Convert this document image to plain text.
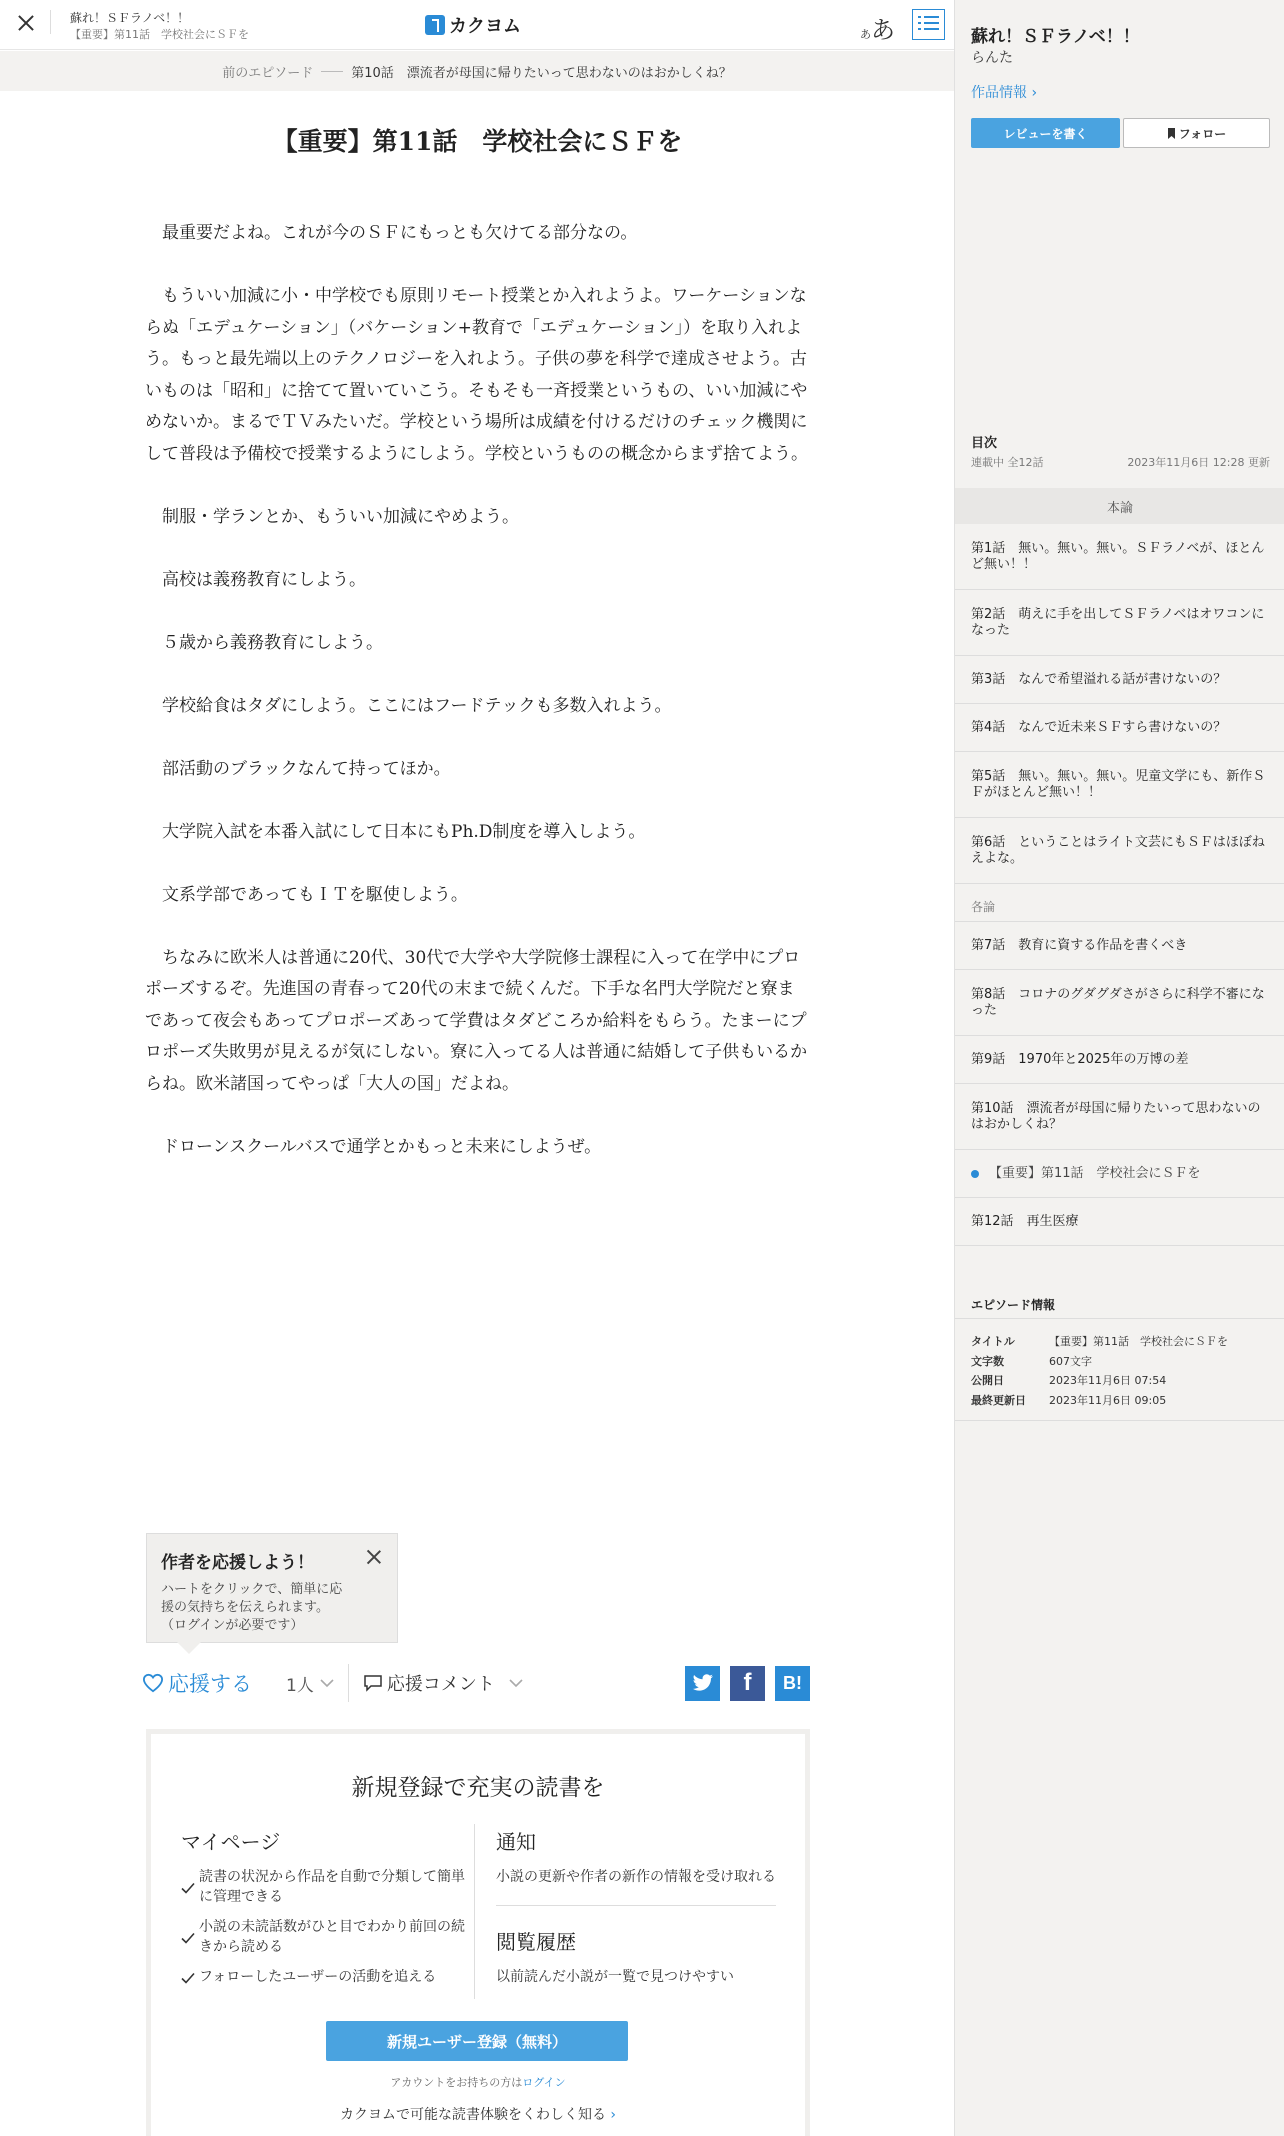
蘇れ！ＳＦラノベ！！
【重要】第11話　学校社会にＳＦを	カクヨム	ああ
前のエピソード	第10話　漂流者が母国に帰りたいって思わないのはおかしくね？
【重要】第11話　学校社会にＳＦを

最重要だよね。これが今のＳＦにもっとも欠けてる部分なの。

もういい加減に小・中学校でも原則リモート授業とか入れようよ。ワーケーションならぬ「エデュケーション」（バケーション+教育で「エデュケーション」）を取り入れよう。もっと最先端以上のテクノロジーを入れよう。子供の夢を科学で達成させよう。古いものは「昭和」に捨てて置いていこう。そもそも一斉授業というもの、いい加減にやめないか。まるでＴＶみたいだ。学校という場所は成績を付けるだけのチェック機関にして普段は予備校で授業するようにしよう。学校というものの概念からまず捨てよう。

制服・学ランとか、もういい加減にやめよう。

高校は義務教育にしよう。

５歳から義務教育にしよう。

学校給食はタダにしよう。ここにはフードテックも多数入れよう。

部活動のブラックなんて持ってほか。

大学院入試を本番入試にして日本にもPh.D制度を導入しよう。

文系学部であってもＩＴを駆使しよう。

ちなみに欧米人は普通に20代、30代で大学や大学院修士課程に入って在学中にプロポーズするぞ。先進国の青春って20代の末まで続くんだ。下手な名門大学院だと寮まであって夜会もあってプロポーズあって学費はタダどころか給料をもらう。たまーにプロポーズ失敗男が見えるが気にしない。寮に入ってる人は普通に結婚して子供もいるからね。欧米諸国ってやっぱ「大人の国」だよね。

ドローンスクールバスで通学とかもっと未来にしようぜ。

作者を応援しよう！
ハートをクリックで、簡単に応
援の気持ちを伝えられます。
（ログインが必要です）
応援する 1人	応援コメント	f B!
新規登録で充実の読書を
マイページ
読書の状況から作品を自動で分類して簡単に管理できる
小説の未読話数がひと目でわかり前回の続きから読める
フォローしたユーザーの活動を追える
通知
小説の更新や作者の新作の情報を受け取れる
閲覧履歴
以前読んだ小説が一覧で見つけやすい
新規ユーザー登録（無料）
アカウントをお持ちの方はログイン
カクヨムで可能な読書体験をくわしく知る ›
蘇れ！ＳＦラノベ！！
らんた
作品情報 ›
レビューを書く	フォロー
目次
連載中 全12話	2023年11月6日 12:28 更新
本論
第1話　無い。無い。無い。ＳＦラノベが、ほとんど無い！！
第2話　萌えに手を出してＳＦラノベはオワコンになった
第3話　なんで希望溢れる話が書けないの？
第4話　なんで近未来ＳＦすら書けないの？
第5話　無い。無い。無い。児童文学にも、新作ＳＦがほとんど無い！！
第6話　ということはライト文芸にもＳＦはほぼねえよな。
各論
第7話　教育に資する作品を書くべき
第8話　コロナのグダグダさがさらに科学不審になった
第9話　1970年と2025年の万博の差
第10話　漂流者が母国に帰りたいって思わないのはおかしくね？
【重要】第11話　学校社会にＳＦを
第12話　再生医療
エピソード情報
タイトル	【重要】第11話　学校社会にＳＦを
文字数	607文字
公開日	2023年11月6日 07:54
最終更新日	2023年11月6日 09:05
